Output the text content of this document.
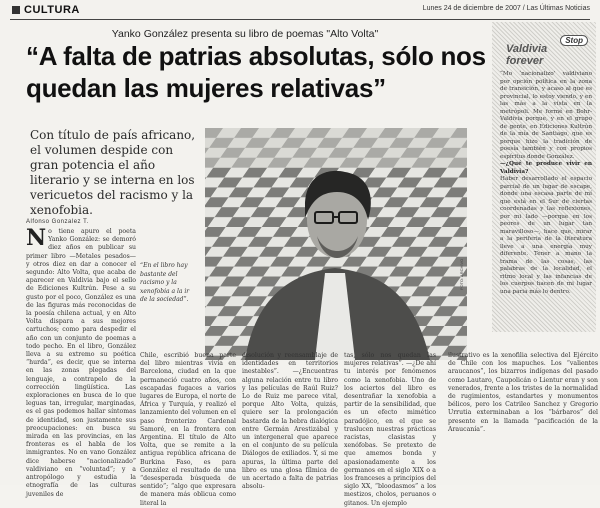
CULTURA	Lunes 24 de diciembre de 2007 / Las Últimas Noticias
Yanko González presenta su libro de poemas "Alto Volta"
“A falta de patrias absolutas, sólo nos quedan las mujeres relativas”
Con título de país africano, el volumen despide con gran potencia el año literario y se interna en los vericuetos del racismo y la xenofobia.
Alfonso Gonzalez T.
“En el libro hay bastante del racismo y la xenofobia a la ir de la sociedad”.
FOTO: ARCHIVO
No tiene apuro el poeta Yanko González: se demoró diez años en publicar su primer libro —Metales pesados— y otros diez en dar a conocer el segundo: Alto Volta, que acaba de aparecer en Valdivia bajo el sello de Ediciones Kultrún. Pese a su gusto por el poco, González es una de las figuras más reconocidas de la poesía chilena actual, y en Alto Volta dispara a sus mejores cartuchos; como para despedir el año con un conjunto de poemas a todo pecho. En el libro, González lleva a su extremo su poética “hurda”, es decir, que se interna en las zonas plegadas del lenguaje, a contrapelo de la corrección lingüística. Las exploraciones en busca de lo que leguas tan, irregular, marginadas, es el gas podemos hallar síntomas de identidad, son justamente sus preocupaciones: en busca su mirada en las provincias, en las fronteras es el habla de los inmigrantes. No en vano González dice haberse “nacionalizado” valdiviano en “voluntad”; y a antropólogo y estudia la etnografía de las culturas juveniles de
Chile, escribió buena parte del libro mientras vivía en Barcelona, ciudad en la que permaneció cuatro años, con escapadas fugaces a varios lugares de Europa, el norte de África y Turquía, y realizó el lanzamiento del volumen en el paso fronterizo Cardenal Samoré, en la frontera con Argentina. El título de Alto Volta, que se remite a la antigua república africana de Burkina Faso, es para González el resultado de una “desesperada búsqueda de sentido”; “algo que expresara de manera más oblicua como literal la
disolución y reensamblaje de identidades en territorios inestables”. —¿Encuentras alguna relación entre tu libro y las películas de Raúl Ruiz? Lo de Ruiz me parece vital, porque Alto Volta, quizás, quiere ser la prolongación bastarda de la hebra dialógica entre Germán Arestizábal y un intergeneral que aparece en el conjunto de su película Diálogos de exiliados. Y, si me apuras, la última parte del libro es una glosa fílmica de un acertado a falta de patrias absolu-
tas, sólo nos quedan las mujeres relativas”. —¿De ahí tu interés por fenómenos como la xenofobia. Uno de los aciertos del libro es desentrañar la xenofobia a partir de la sensibilidad, que es un efecto mimético paradójico, en el que se traslucen nuestras prácticas racistas, clasistas y xenófobas. Se pretexto de que amemos bonda y apasionadamente a los germanos en el siglo XIX o a los franceses a principios del siglo XX, “bloodasmos” a los mestizos, cholos, peruanos o gitanos. Un ejemplo
ilustrativo es la xenofilia selectiva del Ejército de Chile con los mapuches. Los “valientes araucanos”, los bizarros indígenas del pasado como Lautaro, Caupolicán o Lientur eran y son venerados, frente a los tristes de la normalidad de rugimientos, estandartes y monumentos bélicos, pero los Catrileo Sanchez y Gregorio Urrutia exterminaban a los “bárbaros” del presente en la llamada “pacificación de la Araucanía”.
Stop
Valdivia forever
“Mo ‘nacionalizo’ valdiviano por opción política en la zona de transición, y acaso al que es provincial, lo estoy viendo, y en las más a la vista en la metrópoli. Me formé en Bohr-Valdivia porque, y en el grupo de gente, en Ediciones Kultrún de la mía de Santiago, que es porque hizo la tradición de poesía también y con propios espíritus donde González.
—¿Qué te produce vivir en Valdivia?
Haber desarrollado el espacio parcial de un lugar de escape, donde una escasa parte de mí que está en el Sur de ciertas coordenadas y las reflexiones, por mi lado —porque en los peores de un lugar tan maravilloso—, hace que, mirar a la periferia de la literatura lleve a una energía muy diferente. Tener a mano la trama de las cosas, las palabras de la localidad, el ritmo local y las infancias de los cuerpos hacen de mi lugar una paria más lo dentro.
